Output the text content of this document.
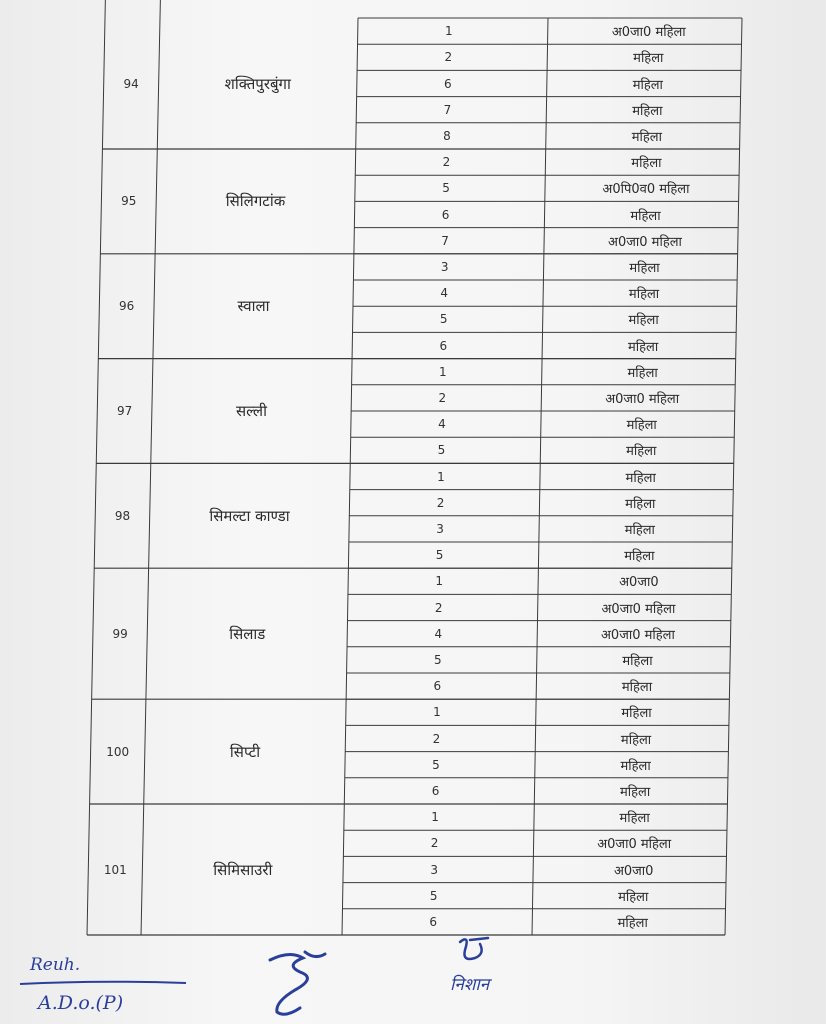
94	शक्तिपुरबुंगा
1	अ0जा0 महिला
2	महिला
6	महिला
7	महिला
8	महिला
95	सिलिगटांक
2	महिला
5	अ0पि0व0 महिला
6	महिला
7	अ0जा0 महिला
96	स्वाला
3	महिला
4	महिला
5	महिला
6	महिला
97	सल्ली
1	महिला
2	अ0जा0 महिला
4	महिला
5	महिला
98	सिमल्टा काण्डा
1	महिला
2	महिला
3	महिला
5	महिला
99	सिलाड
1	अ0जा0
2	अ0जा0 महिला
4	अ0जा0 महिला
5	महिला
6	महिला
100	सिप्टी
1	महिला
2	महिला
5	महिला
6	महिला
101	सिमिसाउरी
1	महिला
2	अ0जा0 महिला
3	अ0जा0
5	महिला
6	महिला
निशान
Reuh.
A.D.o.(P)
